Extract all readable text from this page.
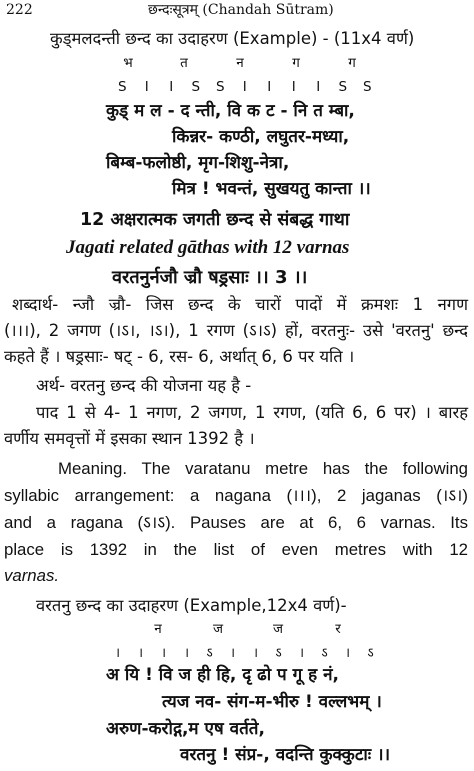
222	छन्दःसूत्रम् (Chandah Sūtram)
कुड्मलदन्ती छन्द का उदाहरण (Example) - (11x4 वर्ण)
भ	त	न	ग	ग
S I I S S I I I I S S
कुड् म ल - द न्ती, वि क ट - नि त म्बा,
किन्नर- कण्ठी, लघुतर-मध्या,
बिम्ब-फलोष्ठी, मृग-शिशु-नेत्रा,
मित्र ! भवन्तं, सुखयतु कान्ता ।।
12 अक्षरात्मक जगती छन्द से संबद्ध गाथा
Jagati related gāthas with 12 varnas
वरतनुर्नजौ ज्रौ षड्रसाः ।। 3 ।।
शब्दार्थ- न्जौ ज्रौ- जिस छन्द के चारों पादों में क्रमशः 1 नगण
(।।।), 2 जगण (।ऽ।, ।ऽ।), 1 रगण (ऽ।ऽ) हों, वरतनुः- उसे 'वरतनु' छन्द
कहते हैं । षड्रसाः- षट् - 6, रस- 6, अर्थात् 6, 6 पर यति ।
अर्थ- वरतनु छन्द की योजना यह है -
पाद 1 से 4- 1 नगण, 2 जगण, 1 रगण, (यति 6, 6 पर) । बारह
वर्णीय समवृत्तों में इसका स्थान 1392 है ।
Meaning. The varatanu metre has the following
syllabic arrangement: a nagana (।।।), 2 jaganas (।ऽ।)
and a ragana (ऽ।ऽ). Pauses are at 6, 6 varnas. Its
place is 1392 in the list of even metres with 12
varnas.
वरतनु छन्द का उदाहरण (Example,12x4 वर्ण)-
न	ज	ज	र
। । । । ऽ । । ऽ । ऽ । ऽ
अ यि ! वि ज ही हि, दृ ढो प गू ह नं,
त्यज नव- संग-म-भीरु ! वल्लभम् ।
अरुण-करोद्ग,म एष वर्तते,
वरतनु ! संप्र-, वदन्ति कुक्कुटाः ।।
